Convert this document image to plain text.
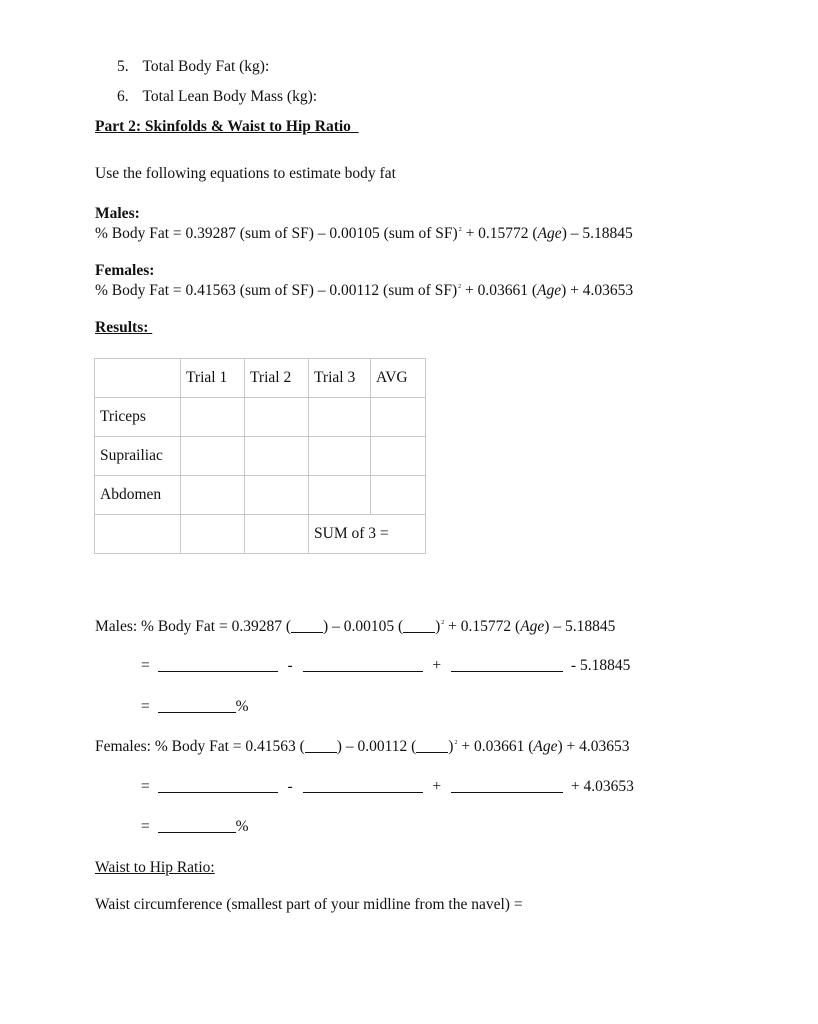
5. Total Body Fat (kg):
6. Total Lean Body Mass (kg):
Part 2: Skinfolds & Waist to Hip Ratio
Use the following equations to estimate body fat
Males:
% Body Fat = 0.39287 (sum of SF) – 0.00105 (sum of SF)$^2$ + 0.15772 (Age) – 5.18845
Females:
% Body Fat = 0.41563 (sum of SF) – 0.00112 (sum of SF)$^2$ + 0.03661 (Age) + 4.03653
Results:
	Trial 1	Trial 2	Trial 3	AVG
Triceps				
Suprailiac				
Abdomen				
			SUM of 3 =	
Males: % Body Fat = 0.39287 ( ) – 0.00105 ( )$^2$ + 0.15772 (Age) – 5.18845
=	-	+	- 5.18845
=	%
Females: % Body Fat = 0.41563 ( ) – 0.00112 ( )$^2$ + 0.03661 (Age) + 4.03653
=	-	+	+ 4.03653
=	%
Waist to Hip Ratio:
Waist circumference (smallest part of your midline from the navel) =
